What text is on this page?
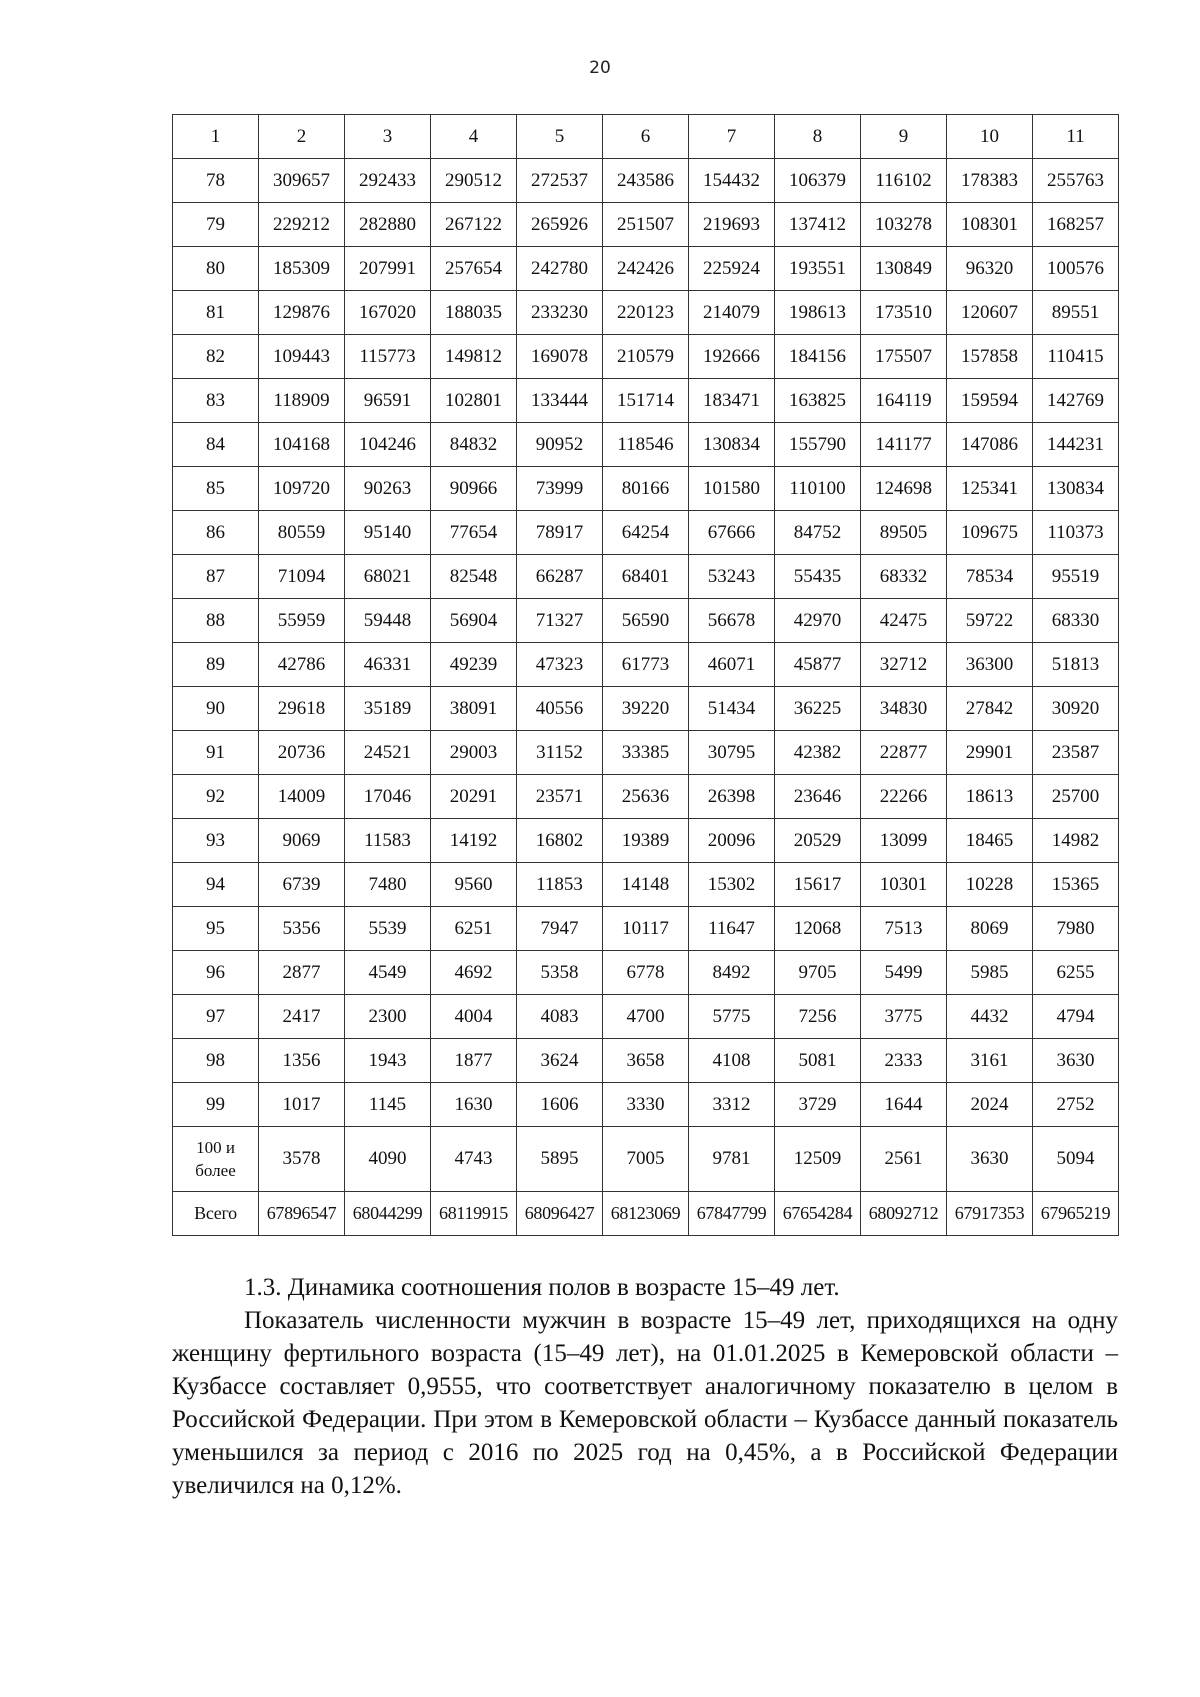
20
1	2	3	4	5	6	7	8	9	10	11
78	309657	292433	290512	272537	243586	154432	106379	116102	178383	255763
79	229212	282880	267122	265926	251507	219693	137412	103278	108301	168257
80	185309	207991	257654	242780	242426	225924	193551	130849	96320	100576
81	129876	167020	188035	233230	220123	214079	198613	173510	120607	89551
82	109443	115773	149812	169078	210579	192666	184156	175507	157858	110415
83	118909	96591	102801	133444	151714	183471	163825	164119	159594	142769
84	104168	104246	84832	90952	118546	130834	155790	141177	147086	144231
85	109720	90263	90966	73999	80166	101580	110100	124698	125341	130834
86	80559	95140	77654	78917	64254	67666	84752	89505	109675	110373
87	71094	68021	82548	66287	68401	53243	55435	68332	78534	95519
88	55959	59448	56904	71327	56590	56678	42970	42475	59722	68330
89	42786	46331	49239	47323	61773	46071	45877	32712	36300	51813
90	29618	35189	38091	40556	39220	51434	36225	34830	27842	30920
91	20736	24521	29003	31152	33385	30795	42382	22877	29901	23587
92	14009	17046	20291	23571	25636	26398	23646	22266	18613	25700
93	9069	11583	14192	16802	19389	20096	20529	13099	18465	14982
94	6739	7480	9560	11853	14148	15302	15617	10301	10228	15365
95	5356	5539	6251	7947	10117	11647	12068	7513	8069	7980
96	2877	4549	4692	5358	6778	8492	9705	5499	5985	6255
97	2417	2300	4004	4083	4700	5775	7256	3775	4432	4794
98	1356	1943	1877	3624	3658	4108	5081	2333	3161	3630
99	1017	1145	1630	1606	3330	3312	3729	1644	2024	2752
100 и
более	3578	4090	4743	5895	7005	9781	12509	2561	3630	5094
Всего	67896547	68044299	68119915	68096427	68123069	67847799	67654284	68092712	67917353	67965219

1.3. Динамика соотношения полов в возрасте 15–49 лет.

Показатель численности мужчин в возрасте 15–49 лет, приходящихся на одну женщину фертильного возраста (15–49 лет), на 01.01.2025 в Кемеровской области – Кузбассе составляет 0,9555, что соответствует аналогичному показателю в целом в Российской Федерации. При этом в Кемеровской области – Кузбассе данный показатель уменьшился за период с 2016 по 2025 год на 0,45%, а в Российской Федерации увеличился на 0,12%.
